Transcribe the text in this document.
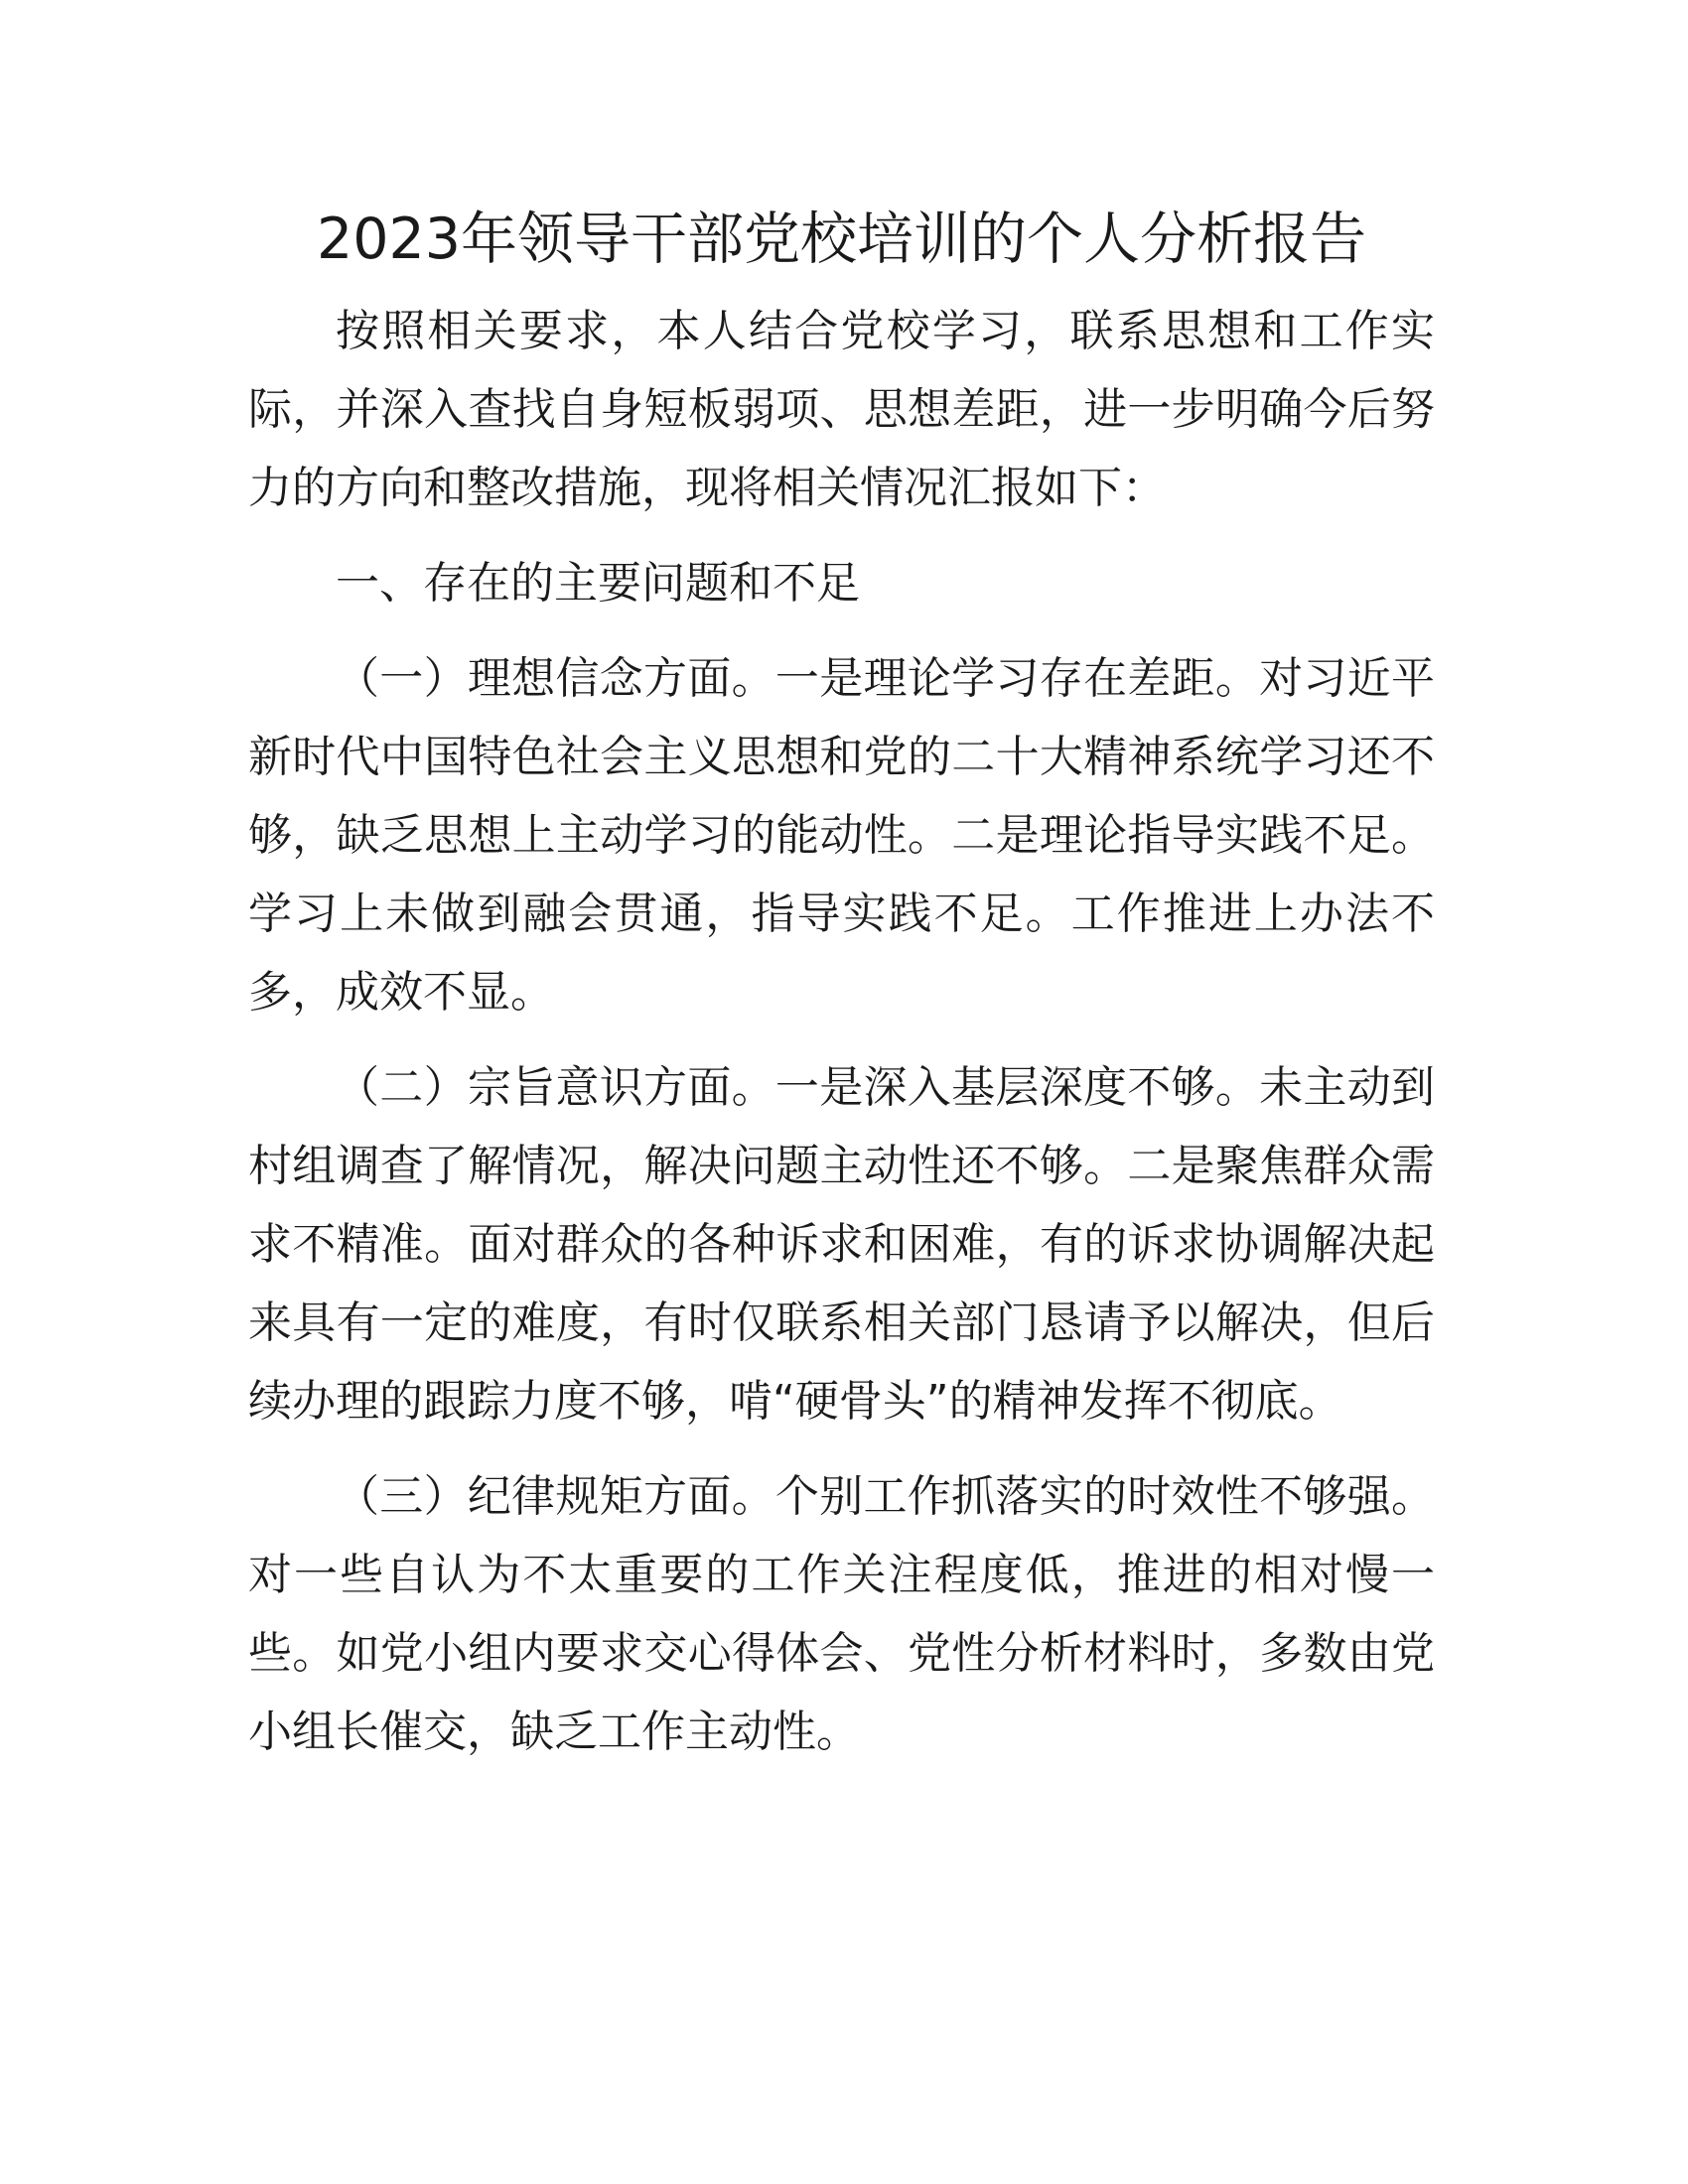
2023年领导干部党校培训的个人分析报告

按照相关要求，本人结合党校学习，联系思想和工作实际，并深入查找自身短板弱项、思想差距，进一步明确今后努力的方向和整改措施，现将相关情况汇报如下：

一、存在的主要问题和不足

（一）理想信念方面。一是理论学习存在差距。对习近平新时代中国特色社会主义思想和党的二十大精神系统学习还不够，缺乏思想上主动学习的能动性。二是理论指导实践不足。学习上未做到融会贯通，指导实践不足。工作推进上办法不多，成效不显。

（二）宗旨意识方面。一是深入基层深度不够。未主动到村组调查了解情况，解决问题主动性还不够。二是聚焦群众需求不精准。面对群众的各种诉求和困难，有的诉求协调解决起来具有一定的难度，有时仅联系相关部门恳请予以解决，但后续办理的跟踪力度不够，啃“硬骨头”的精神发挥不彻底。

（三）纪律规矩方面。个别工作抓落实的时效性不够强。对一些自认为不太重要的工作关注程度低，推进的相对慢一些。如党小组内要求交心得体会、党性分析材料时，多数由党小组长催交，缺乏工作主动性。
